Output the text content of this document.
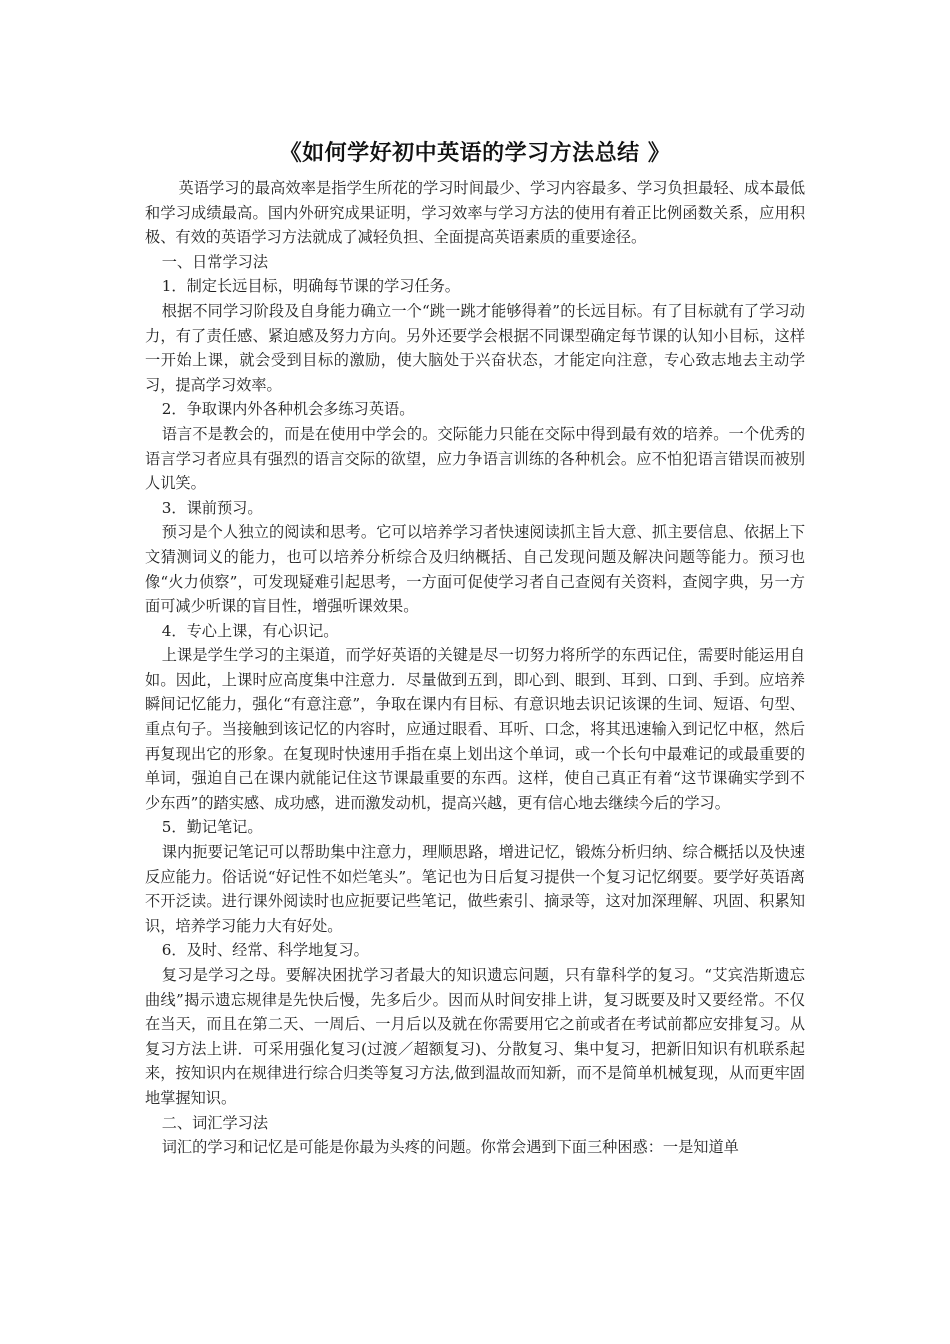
《如何学好初中英语的学习方法总结 》

英语学习的最高效率是指学生所花的学习时间最少、学习内容最多、学习负担最轻、成本最低和学习成绩最高。国内外研究成果证明，学习效率与学习方法的使用有着正比例函数关系，应用积极、有效的英语学习方法就成了减轻负担、全面提高英语素质的重要途径。

一、日常学习法

1．制定长远目标，明确每节课的学习任务。

根据不同学习阶段及自身能力确立一个“跳一跳才能够得着”的长远目标。有了目标就有了学习动力，有了责任感、紧迫感及努力方向。另外还要学会根据不同课型确定每节课的认知小目标，这样一开始上课，就会受到目标的激励，使大脑处于兴奋状态，才能定向注意，专心致志地去主动学习，提高学习效率。

2．争取课内外各种机会多练习英语。

语言不是教会的，而是在使用中学会的。交际能力只能在交际中得到最有效的培养。一个优秀的语言学习者应具有强烈的语言交际的欲望，应力争语言训练的各种机会。应不怕犯语言错误而被别人讥笑。

3．课前预习。

预习是个人独立的阅读和思考。它可以培养学习者快速阅读抓主旨大意、抓主要信息、依据上下文猜测词义的能力，也可以培养分析综合及归纳概括、自己发现问题及解决问题等能力。预习也像“火力侦察”，可发现疑难引起思考，一方面可促使学习者自己查阅有关资料，查阅字典，另一方面可减少听课的盲目性，增强听课效果。

4．专心上课，有心识记。

上课是学生学习的主渠道，而学好英语的关键是尽一切努力将所学的东西记住，需要时能运用自如。因此，上课时应高度集中注意力．尽量做到五到，即心到、眼到、耳到、口到、手到。应培养瞬间记忆能力，强化“有意注意”，争取在课内有目标、有意识地去识记该课的生词、短语、句型、重点句子。当接触到该记忆的内容时，应通过眼看、耳听、口念，将其迅速输入到记忆中枢，然后再复现出它的形象。在复现时快速用手指在桌上划出这个单词，或一个长句中最难记的或最重要的单词，强迫自己在课内就能记住这节课最重要的东西。这样，使自己真正有着“这节课确实学到不少东西”的踏实感、成功感，进而激发动机，提高兴越，更有信心地去继续今后的学习。

5．勤记笔记。

课内扼要记笔记可以帮助集中注意力，理顺思路，增进记忆，锻炼分析归纳、综合概括以及快速反应能力。俗话说“好记性不如烂笔头”。笔记也为日后复习提供一个复习记忆纲要。要学好英语离不开泛读。进行课外阅读时也应扼要记些笔记，做些索引、摘录等，这对加深理解、巩固、积累知识，培养学习能力大有好处。

6．及时、经常、科学地复习。

复习是学习之母。要解决困扰学习者最大的知识遗忘问题，只有靠科学的复习。“艾宾浩斯遗忘曲线”揭示遗忘规律是先快后慢，先多后少。因而从时间安排上讲，复习既要及时又要经常。不仅在当天，而且在第二天、一周后、一月后以及就在你需要用它之前或者在考试前都应安排复习。从复习方法上讲．可采用强化复习(过渡／超额复习)、分散复习、集中复习，把新旧知识有机联系起来，按知识内在规律进行综合归类等复习方法,做到温故而知新，而不是简单机械复现，从而更牢固地掌握知识。

二、词汇学习法

词汇的学习和记忆是可能是你最为头疼的问题。你常会遇到下面三种困惑：一是知道单
